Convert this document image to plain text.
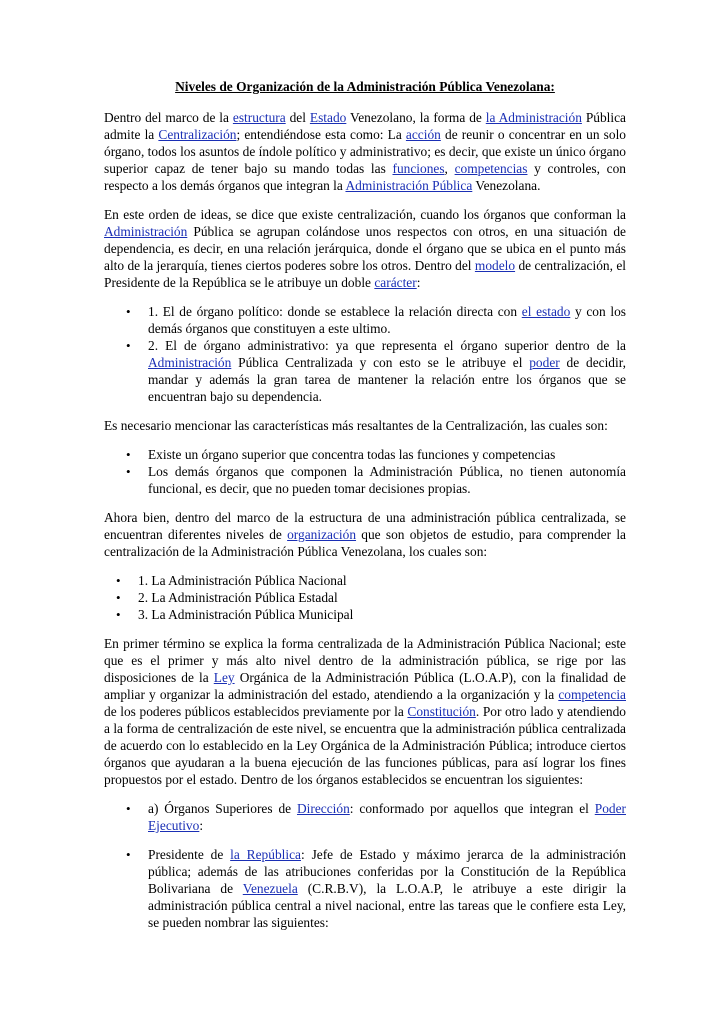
Niveles de Organización de la Administración Pública Venezolana:

Dentro del marco de la estructura del Estado Venezolano, la forma de la Administración Pública admite la Centralización; entendiéndose esta como: La acción de reunir o concentrar en un solo órgano, todos los asuntos de índole político y administrativo; es decir, que existe un único órgano superior capaz de tener bajo su mando todas las funciones, competencias y controles, con respecto a los demás órganos que integran la Administración Pública Venezolana.

En este orden de ideas, se dice que existe centralización, cuando los órganos que conforman la Administración Pública se agrupan colándose unos respectos con otros, en una situación de dependencia, es decir, en una relación jerárquica, donde el órgano que se ubica en el punto más alto de la jerarquía, tienes ciertos poderes sobre los otros. Dentro del modelo de centralización, el Presidente de la República se le atribuye un doble carácter:

• 1. El de órgano político: donde se establece la relación directa con el estado y con los demás órganos que constituyen a este ultimo.
• 2. El de órgano administrativo: ya que representa el órgano superior dentro de la Administración Pública Centralizada y con esto se le atribuye el poder de decidir, mandar y además la gran tarea de mantener la relación entre los órganos que se encuentran bajo su dependencia.

Es necesario mencionar las características más resaltantes de la Centralización, las cuales son:

• Existe un órgano superior que concentra todas las funciones y competencias
• Los demás órganos que componen la Administración Pública, no tienen autonomía funcional, es decir, que no pueden tomar decisiones propias.

Ahora bien, dentro del marco de la estructura de una administración pública centralizada, se encuentran diferentes niveles de organización que son objetos de estudio, para comprender la centralización de la Administración Pública Venezolana, los cuales son:

• 1. La Administración Pública Nacional
• 2. La Administración Pública Estadal
• 3. La Administración Pública Municipal

En primer término se explica la forma centralizada de la Administración Pública Nacional; este que es el primer y más alto nivel dentro de la administración pública, se rige por las disposiciones de la Ley Orgánica de la Administración Pública (L.O.A.P), con la finalidad de ampliar y organizar la administración del estado, atendiendo a la organización y la competencia de los poderes públicos establecidos previamente por la Constitución. Por otro lado y atendiendo a la forma de centralización de este nivel, se encuentra que la administración pública centralizada de acuerdo con lo establecido en la Ley Orgánica de la Administración Pública; introduce ciertos órganos que ayudaran a la buena ejecución de las funciones públicas, para así lograr los fines propuestos por el estado. Dentro de los órganos establecidos se encuentran los siguientes:

• a) Órganos Superiores de Dirección: conformado por aquellos que integran el Poder Ejecutivo:
• Presidente de la República: Jefe de Estado y máximo jerarca de la administración pública; además de las atribuciones conferidas por la Constitución de la República Bolivariana de Venezuela (C.R.B.V), la L.O.A.P, le atribuye a este dirigir la administración pública central a nivel nacional, entre las tareas que le confiere esta Ley, se pueden nombrar las siguientes:
